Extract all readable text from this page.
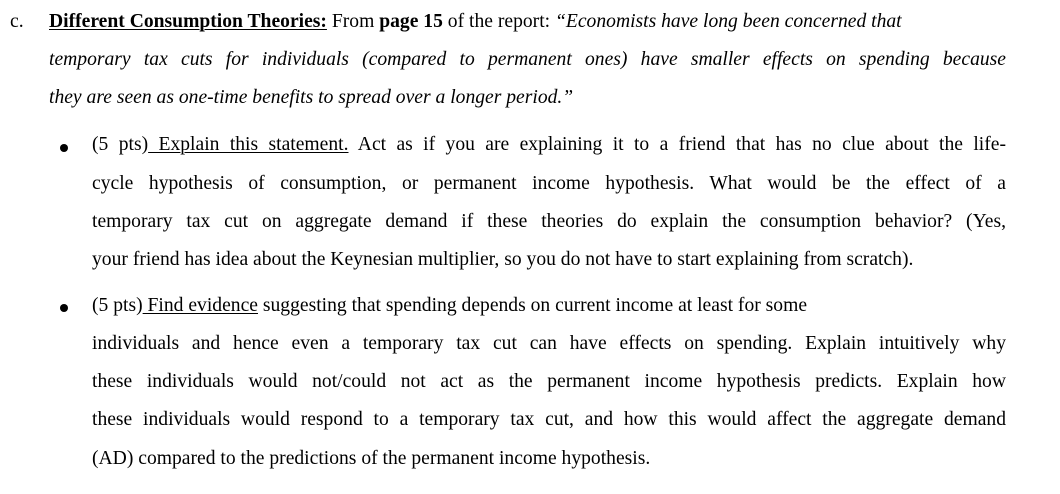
c. Different Consumption Theories: From page 15 of the report: “Economists have long been concerned that
temporary tax cuts for individuals (compared to permanent ones) have smaller effects on spending because
they are seen as one-time benefits to spread over a longer period.”
(5 pts) Explain this statement. Act as if you are explaining it to a friend that has no clue about the life-
cycle hypothesis of consumption, or permanent income hypothesis. What would be the effect of a
temporary tax cut on aggregate demand if these theories do explain the consumption behavior? (Yes,
your friend has idea about the Keynesian multiplier, so you do not have to start explaining from scratch).
(5 pts) Find evidence suggesting that spending depends on current income at least for some
individuals and hence even a temporary tax cut can have effects on spending. Explain intuitively why
these individuals would not/could not act as the permanent income hypothesis predicts. Explain how
these individuals would respond to a temporary tax cut, and how this would affect the aggregate demand
(AD) compared to the predictions of the permanent income hypothesis.
